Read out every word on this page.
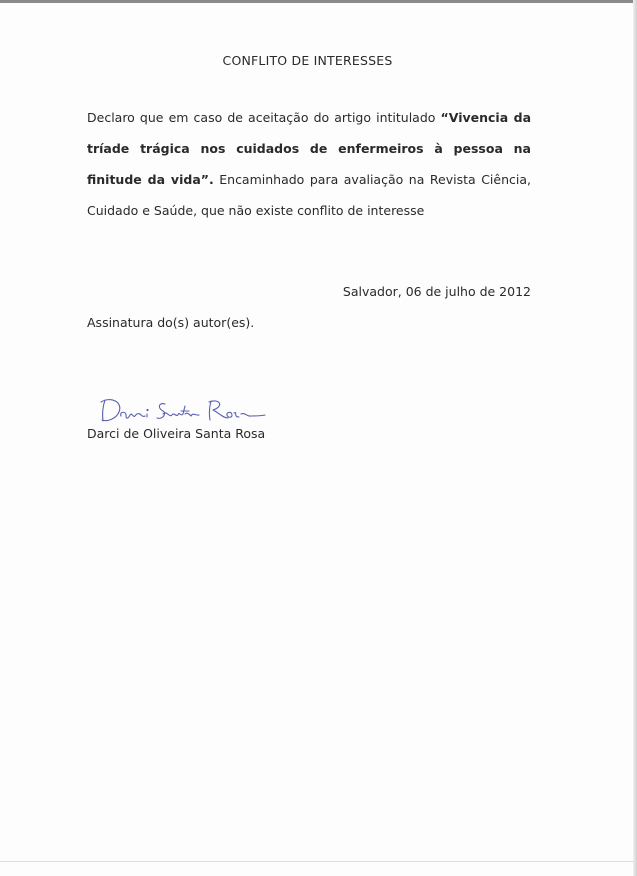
CONFLITO DE INTERESSES

Declaro que em caso de aceitação do artigo intitulado “Vivencia da tríade trágica nos cuidados de enfermeiros à pessoa na finitude da vida”. Encaminhado para avaliação na Revista Ciência, Cuidado e Saúde, que não existe conflito de interesse

Salvador, 06 de julho de 2012
Assinatura do(s) autor(es).
Darci de Oliveira Santa Rosa
